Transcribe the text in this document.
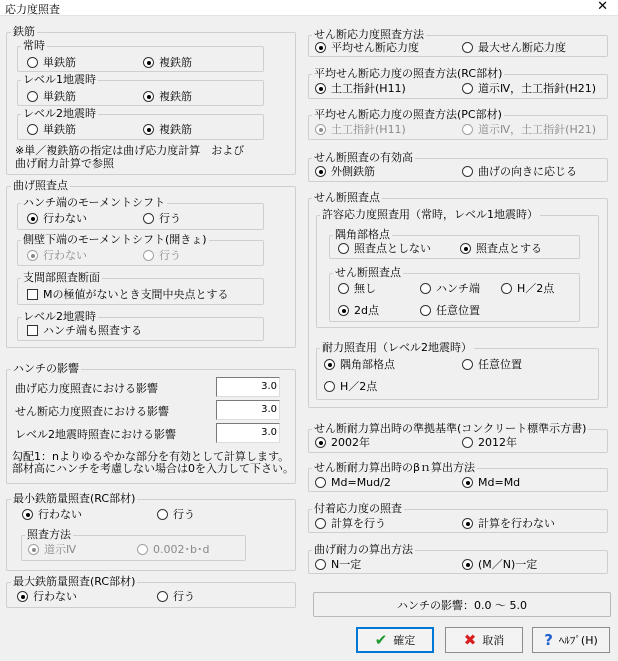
応力度照査	✕
鉄筋
常時
単鉄筋	複鉄筋
レベル1地震時
単鉄筋	複鉄筋
レベル2地震時
単鉄筋	複鉄筋
※単／複鉄筋の指定は曲げ応力度計算　および
曲げ耐力計算で参照
曲げ照査点
ハンチ端のモーメントシフト
行わない	行う
側壁下端のモーメントシフト(開きょ)
行わない	行う
支間部照査断面
Mの極値がないとき支間中央点とする
レベル2地震時
ハンチ端も照査する
ハンチの影響
曲げ応力度照査における影響	3.0
せん断応力度照査における影響	3.0
レベル2地震時照査における影響	3.0
勾配1：nよりゆるやかな部分を有効として計算します。
部材高にハンチを考慮しない場合は0を入力して下さい。
最小鉄筋量照査(RC部材)
行わない	行う
照査方法
道示Ⅳ	0.002･b･d
最大鉄筋量照査(RC部材)
行わない	行う
せん断応力度照査方法
平均せん断応力度	最大せん断応力度
平均せん断応力度の照査方法(RC部材)
土工指針(H11)	道示Ⅳ，土工指針(H21)
平均せん断応力度の照査方法(PC部材)
土工指針(H11)	道示Ⅳ，土工指針(H21)
せん断照査の有効高
外側鉄筋	曲げの向きに応じる
せん断照査点
許容応力度照査用（常時，レベル1地震時）
隅角部格点
照査点としない	照査点とする
せん断照査点
無し	ハンチ端	H／2点
2d点	任意位置
耐力照査用（レベル2地震時）
隅角部格点	任意位置
H／2点
せん断耐力算出時の準拠基準(コンクリート標準示方書)
2002年	2012年
せん断耐力算出時のβｎ算出方法
Md=Mud/2	Md=Md
付着応力度の照査
計算を行う	計算を行わない
曲げ耐力の算出方法
N一定	(M／N)一定
ハンチの影響：0.0 ～ 5.0
✔ 確定	✖ 取消	? ﾍﾙﾌﾟ(H)
